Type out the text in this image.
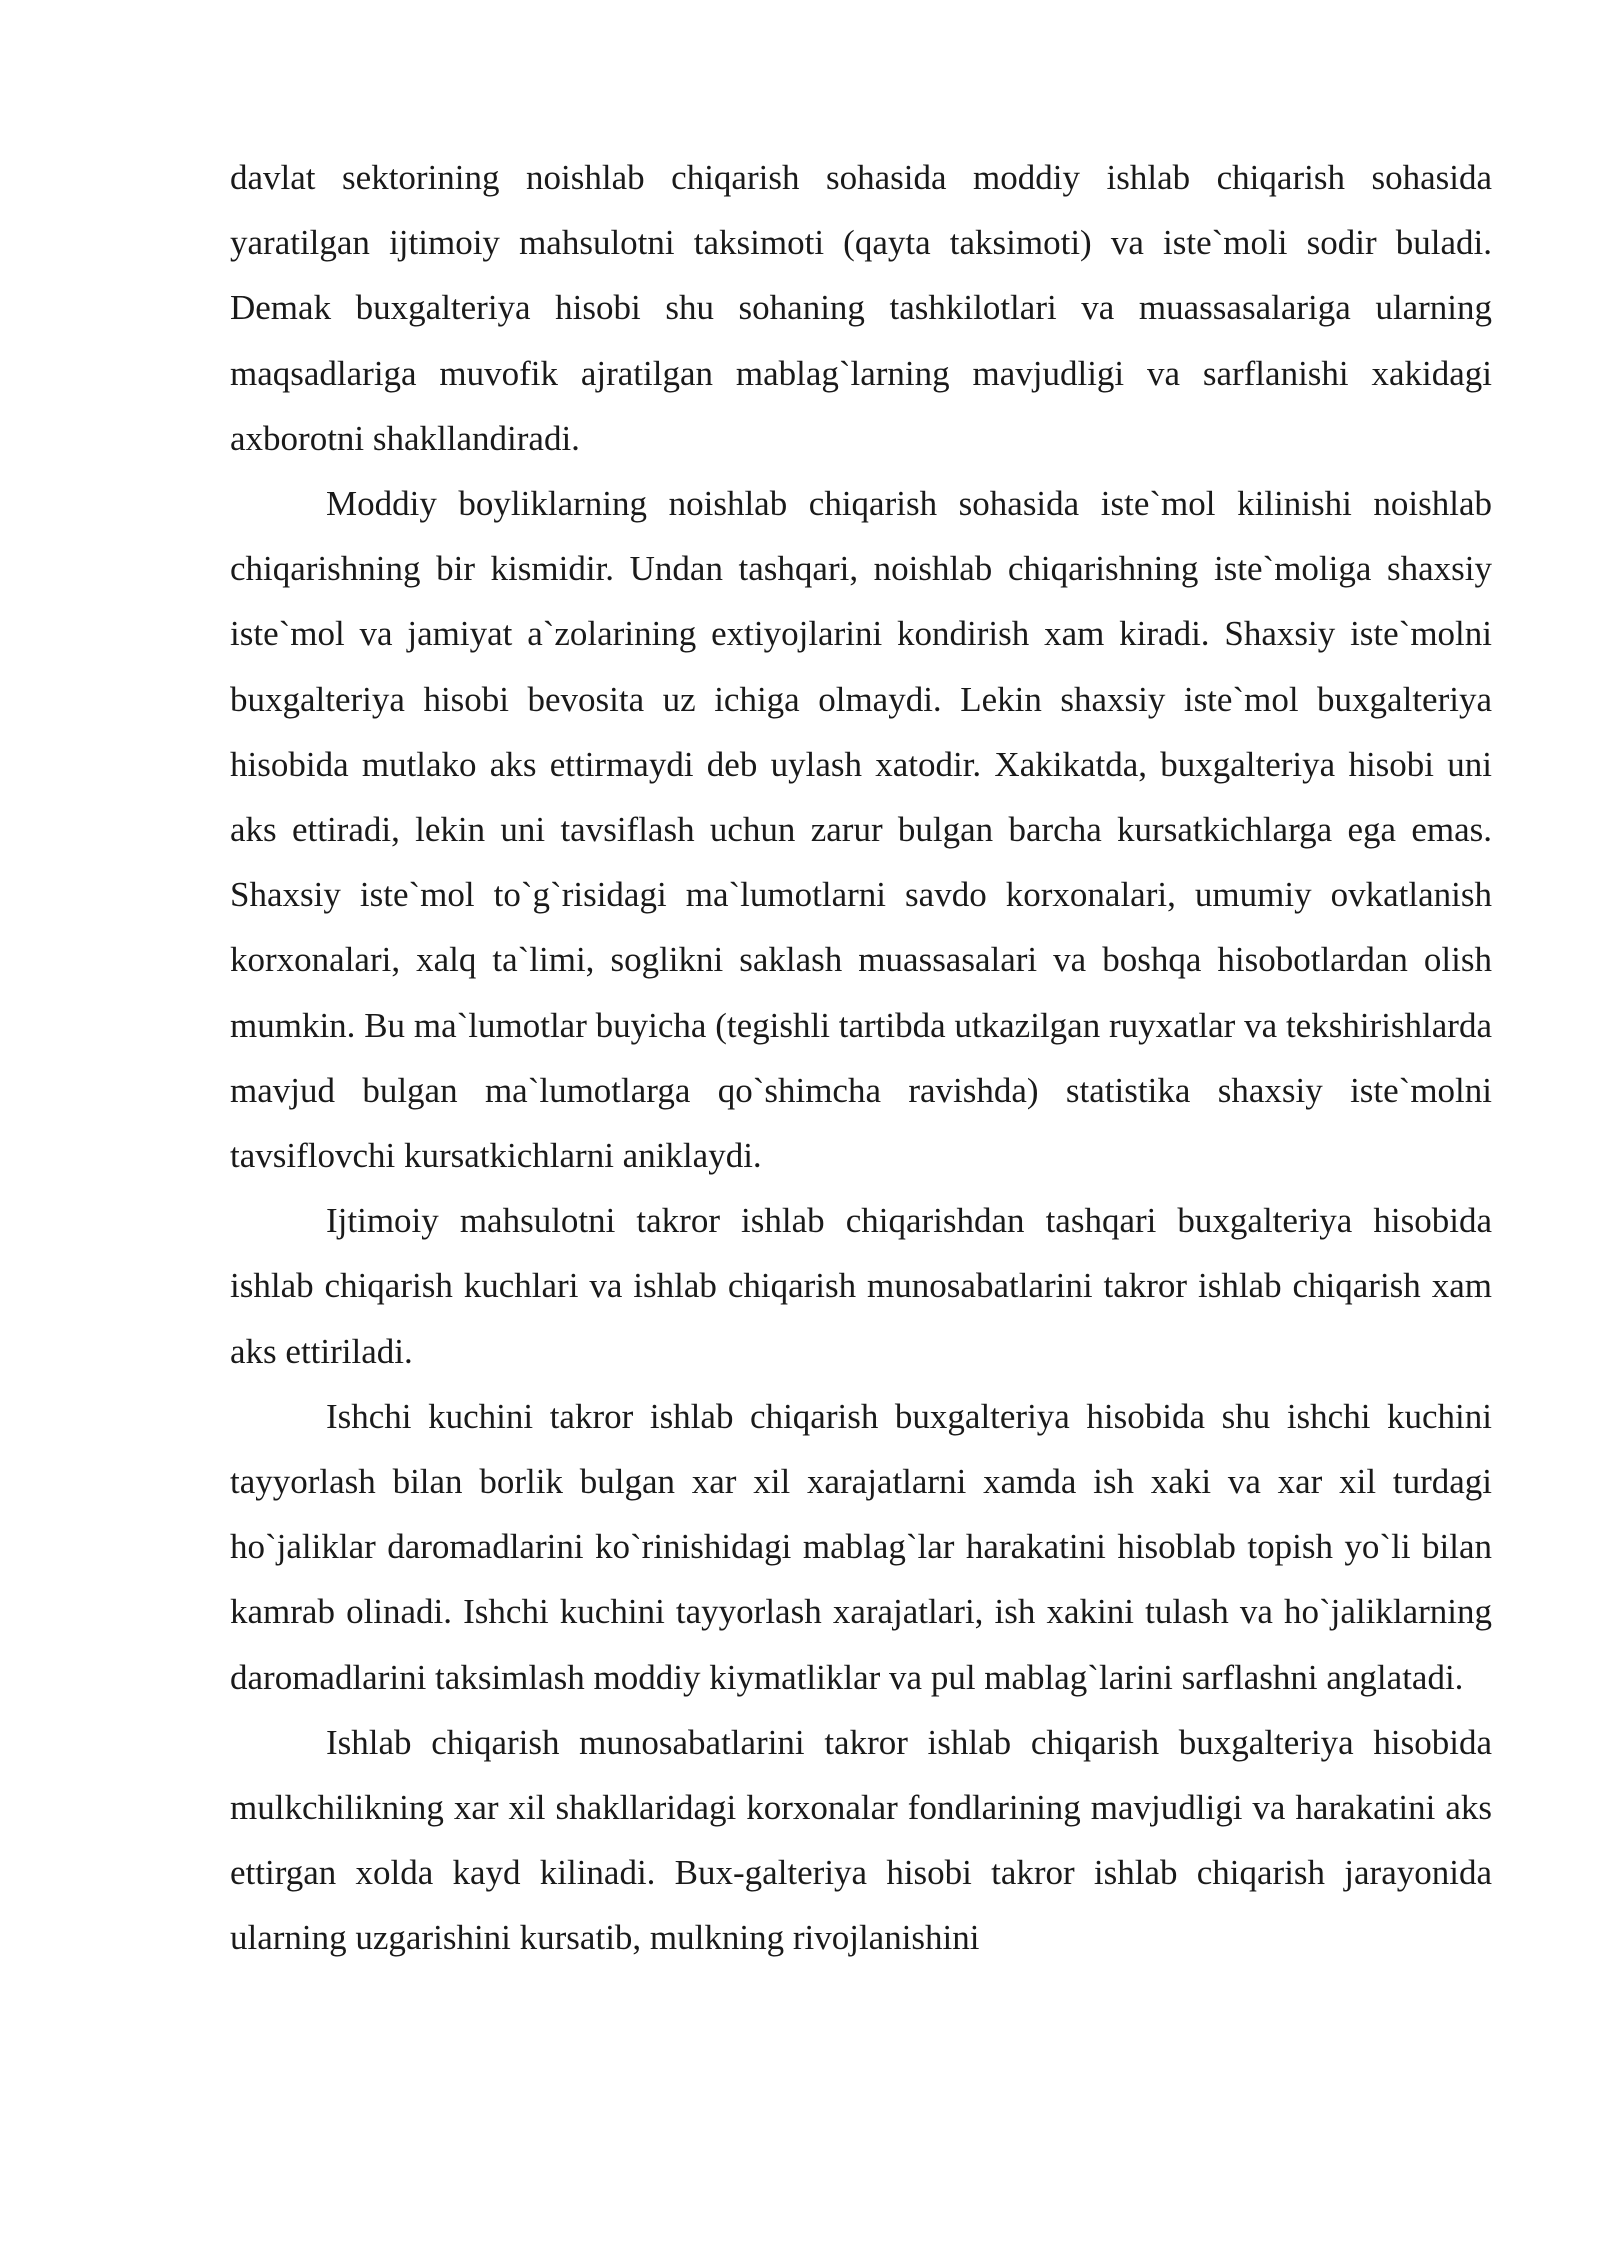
davlat sektorining noishlab chiqarish sohasida moddiy ishlab chiqarish sohasida yaratilgan ijtimoiy mahsulotni taksimoti (qayta taksimoti) va iste`moli sodir buladi. Demak buxgalteriya hisobi shu sohaning tashkilotlari va muassasalariga ularning maqsadlariga muvofik ajratilgan mablag`larning mavjudligi va sarflanishi xakidagi axborotni shakllandiradi.

Moddiy boyliklarning noishlab chiqarish sohasida iste`mol kilinishi noishlab chiqarishning bir kismidir. Undan tashqari, noishlab chiqarishning iste`moliga shaxsiy iste`mol va jamiyat a`zolarining extiyojlarini kondirish xam kiradi. Shaxsiy iste`molni buxgalteriya hisobi bevosita uz ichiga olmaydi. Lekin shaxsiy iste`mol buxgalteriya hisobida mutlako aks ettirmaydi deb uylash xatodir. Xakikatda, buxgalteriya hisobi uni aks ettiradi, lekin uni tavsiflash uchun zarur bulgan barcha kursatkichlarga ega emas. Shaxsiy iste`mol to`g`risidagi ma`lumotlarni savdo korxonalari, umumiy ovkatlanish korxonalari, xalq ta`limi, soglikni saklash muassasalari va boshqa hisobotlardan olish mumkin. Bu ma`lumotlar buyicha (tegishli tartibda utkazilgan ruyxatlar va tekshirishlarda mavjud bulgan ma`lumotlarga qo`shimcha ravishda) statistika shaxsiy iste`molni tavsiflovchi kursatkichlarni aniklaydi.

Ijtimoiy mahsulotni takror ishlab chiqarishdan tashqari buxgalteriya hisobida ishlab chiqarish kuchlari va ishlab chiqarish munosabatlarini takror ishlab chiqarish xam aks ettiriladi.

Ishchi kuchini takror ishlab chiqarish buxgalteriya hisobida shu ishchi kuchini tayyorlash bilan borlik bulgan xar xil xarajatlarni xamda ish xaki va xar xil turdagi ho`jaliklar daromadlarini ko`rinishidagi mablag`lar harakatini hisoblab topish yo`li bilan kamrab olinadi. Ishchi kuchini tayyorlash xarajatlari, ish xakini tulash va ho`jaliklarning daromadlarini taksimlash moddiy kiymatliklar va pul mablag`larini sarflashni anglatadi.

Ishlab chiqarish munosabatlarini takror ishlab chiqarish buxgalteriya hisobida mulkchilikning xar xil shakllaridagi korxonalar fondlarining mavjudligi va harakatini aks ettirgan xolda kayd kilinadi. Bux-galteriya hisobi takror ishlab chiqarish jarayonida ularning uzgarishini kursatib, mulkning rivojlanishini
